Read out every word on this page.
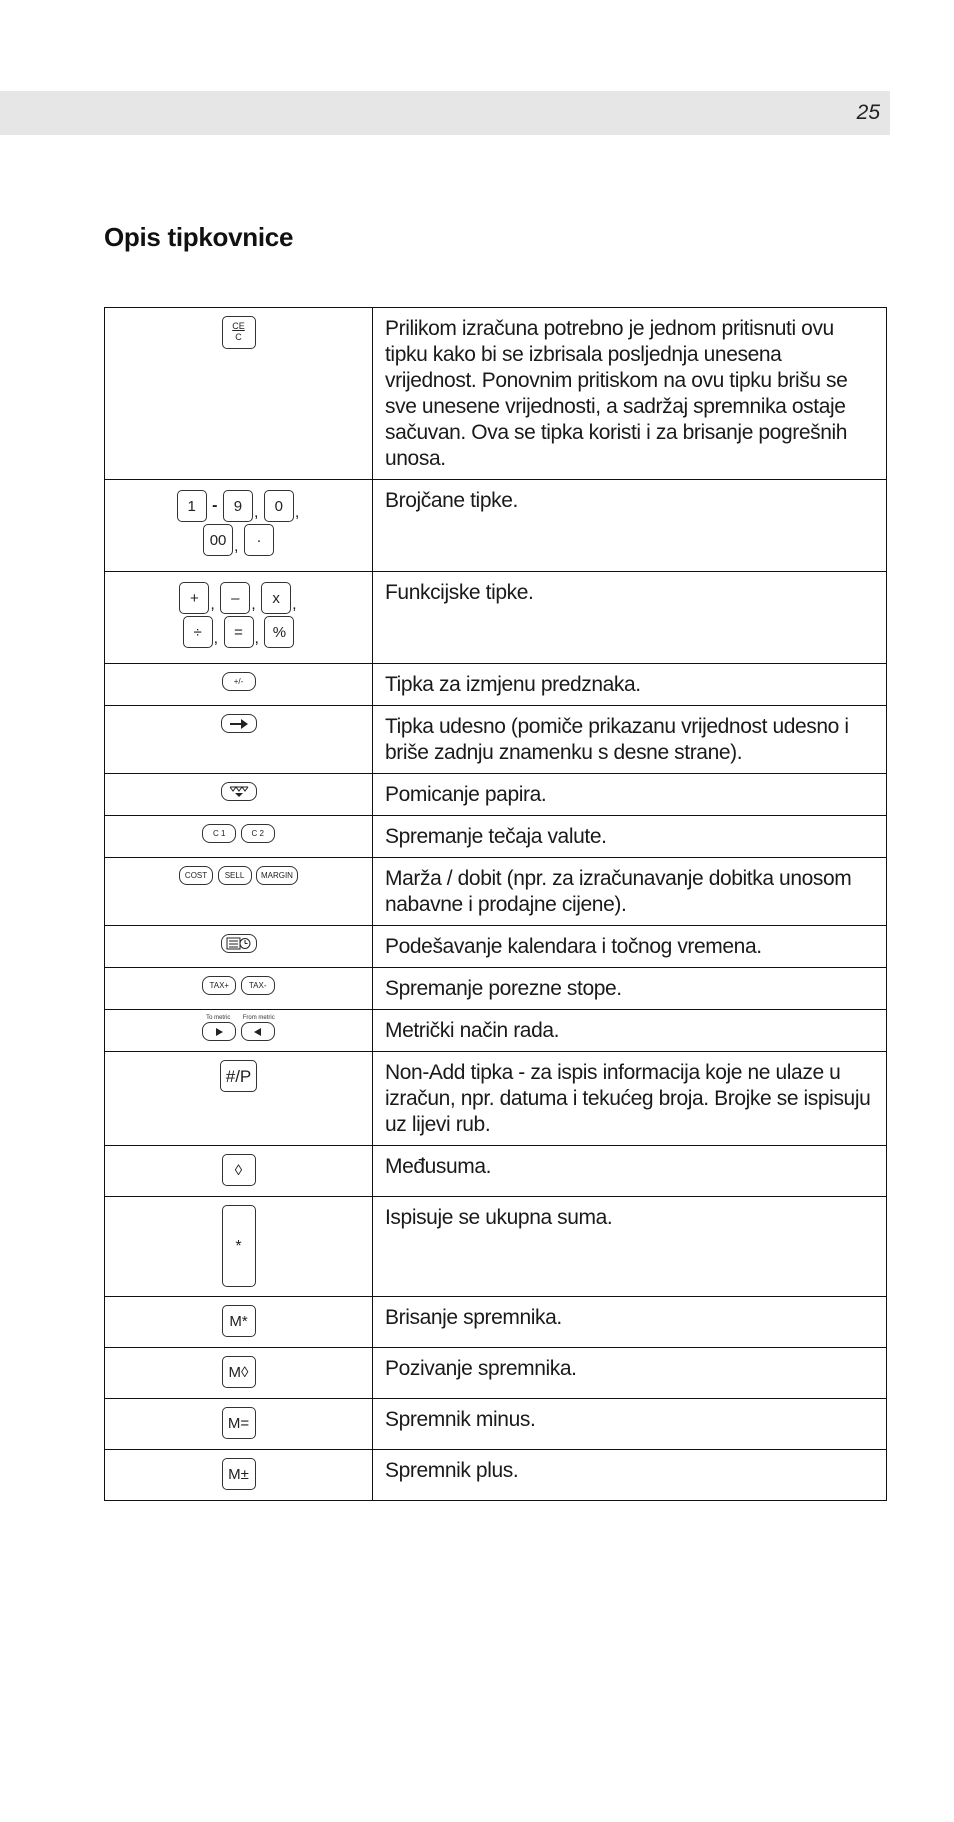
25
Opis tipkovnice
CE
C	Prilikom izračuna potrebno je jednom pritisnuti ovu tipku kako bi se izbrisala posljednja unesena vrijednost. Ponovnim pritiskom na ovu tipku brišu se sve unesene vrijednosti, a sadržaj spremnika ostaje sačuvan. Ova se tipka koristi i za brisanje pogrešnih unosa.

1 - 9 , 0 ,
00 , ·	Brojčane tipke.

+ , – , x ,
÷ , = , %	Funkcijske tipke.
+/-	Tipka za izmjenu predznaka.
	Tipka udesno (pomiče prikazanu vrijednost udesno i briše zadnju znamenku s desne strane).
	Pomicanje papira.
C 1 C 2	Spremanje tečaja valute.
COST SELL MARGIN	Marža / dobit (npr. za izračunavanje dobitka unosom nabavne i prodajne cijene).
	Podešavanje kalendara i točnog vremena.
TAX+ TAX-	Spremanje porezne stope.

To metric From metric	Metrički način rada.
#/P	Non-Add tipka - za ispis informacija koje ne ulaze u izračun, npr. datuma i tekućeg broja. Brojke se ispisuju uz lijevi rub.
◊	Međusuma.
*	Ispisuje se ukupna suma.
M*	Brisanje spremnika.
M◊	Pozivanje spremnika.
M=	Spremnik minus.
M±	Spremnik plus.
